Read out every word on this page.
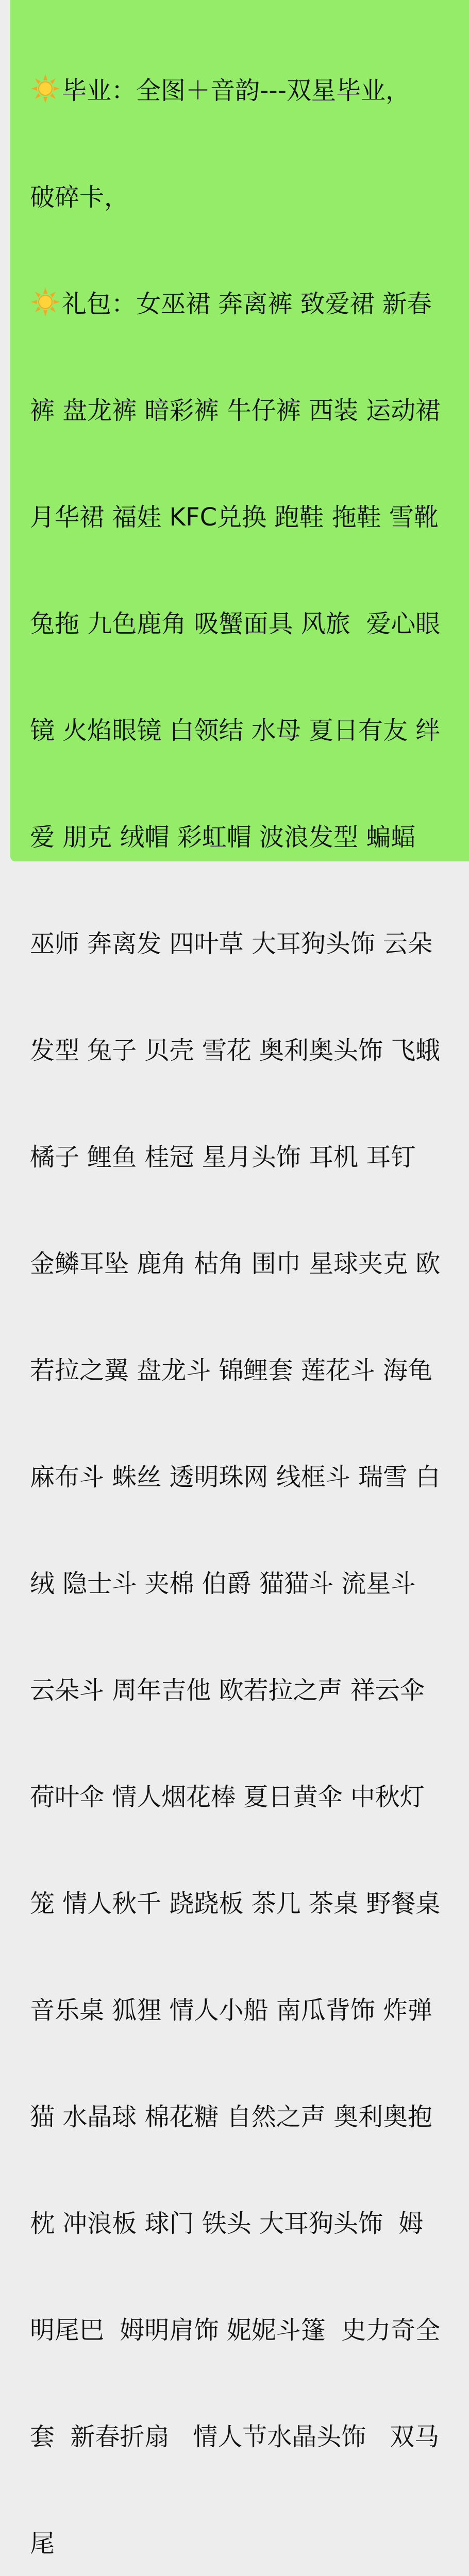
毕业：全图＋音韵---双星毕业，

破碎卡，

礼包：女巫裙 奔离裤 致爱裙 新春

裤 盘龙裤 暗彩裤 牛仔裤 西装 运动裙

月华裙 福娃 KFC兑换 跑鞋 拖鞋 雪靴

兔拖 九色鹿角 吸蟹面具 风旅  爱心眼

镜 火焰眼镜 白领结 水母 夏日有友 绊

爱 朋克 绒帽 彩虹帽 波浪发型 蝙蝠

巫师 奔离发 四叶草 大耳狗头饰 云朵

发型 兔子 贝壳 雪花 奥利奥头饰 飞蛾

橘子 鲤鱼 桂冠 星月头饰 耳机 耳钉

金鳞耳坠 鹿角 枯角 围巾 星球夹克 欧

若拉之翼 盘龙斗 锦鲤套 莲花斗 海龟

麻布斗 蛛丝 透明珠网 线框斗 瑞雪 白

绒 隐士斗 夹棉 伯爵 猫猫斗 流星斗

云朵斗 周年吉他 欧若拉之声 祥云伞

荷叶伞 情人烟花棒 夏日黄伞 中秋灯

笼 情人秋千 跷跷板 茶几 茶桌 野餐桌

音乐桌 狐狸 情人小船 南瓜背饰 炸弹

猫 水晶球 棉花糖 自然之声 奥利奥抱

枕 冲浪板 球门 铁头 大耳狗头饰  姆

明尾巴  姆明肩饰 妮妮斗篷  史力奇全

套  新春折扇   情人节水晶头饰   双马

尾
